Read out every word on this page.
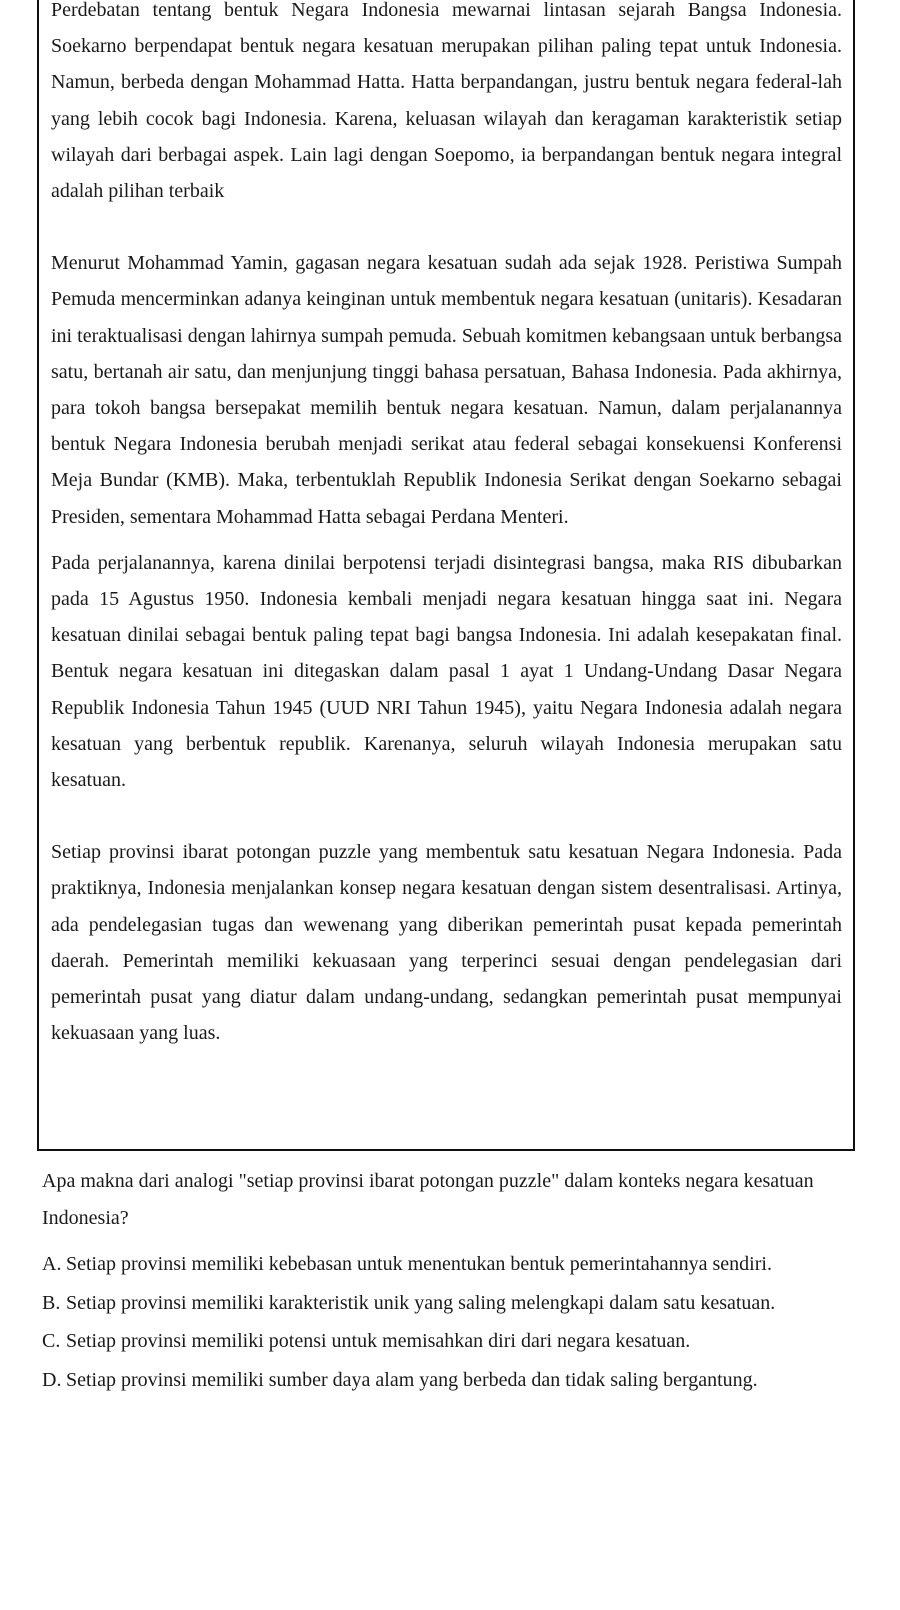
Perdebatan tentang bentuk Negara Indonesia mewarnai lintasan sejarah Bangsa Indonesia. Soekarno berpendapat bentuk negara kesatuan merupakan pilihan paling tepat untuk Indonesia. Namun, berbeda dengan Mohammad Hatta. Hatta berpandangan, justru bentuk negara federal-lah yang lebih cocok bagi Indonesia. Karena, keluasan wilayah dan keragaman karakteristik setiap wilayah dari berbagai aspek. Lain lagi dengan Soepomo, ia berpandangan bentuk negara integral adalah pilihan terbaik

Menurut Mohammad Yamin, gagasan negara kesatuan sudah ada sejak 1928. Peristiwa Sumpah Pemuda mencerminkan adanya keinginan untuk membentuk negara kesatuan (unitaris). Kesadaran ini teraktualisasi dengan lahirnya sumpah pemuda. Sebuah komitmen kebangsaan untuk berbangsa satu, bertanah air satu, dan menjunjung tinggi bahasa persatuan, Bahasa Indonesia. Pada akhirnya, para tokoh bangsa bersepakat memilih bentuk negara kesatuan. Namun, dalam perjalanannya bentuk Negara Indonesia berubah menjadi serikat atau federal sebagai konsekuensi Konferensi Meja Bundar (KMB). Maka, terbentuklah Republik Indonesia Serikat dengan Soekarno sebagai Presiden, sementara Mohammad Hatta sebagai Perdana Menteri.

Pada perjalanannya, karena dinilai berpotensi terjadi disintegrasi bangsa, maka RIS dibubarkan pada 15 Agustus 1950. Indonesia kembali menjadi negara kesatuan hingga saat ini. Negara kesatuan dinilai sebagai bentuk paling tepat bagi bangsa Indonesia. Ini adalah kesepakatan final. Bentuk negara kesatuan ini ditegaskan dalam pasal 1 ayat 1 Undang-Undang Dasar Negara Republik Indonesia Tahun 1945 (UUD NRI Tahun 1945), yaitu Negara Indonesia adalah negara kesatuan yang berbentuk republik. Karenanya, seluruh wilayah Indonesia merupakan satu kesatuan.

Setiap provinsi ibarat potongan puzzle yang membentuk satu kesatuan Negara Indonesia. Pada praktiknya, Indonesia menjalankan konsep negara kesatuan dengan sistem desentralisasi. Artinya, ada pendelegasian tugas dan wewenang yang diberikan pemerintah pusat kepada pemerintah daerah. Pemerintah memiliki kekuasaan yang terperinci sesuai dengan pendelegasian dari pemerintah pusat yang diatur dalam undang-undang, sedangkan pemerintah pusat mempunyai kekuasaan yang luas.

Apa makna dari analogi "setiap provinsi ibarat potongan puzzle" dalam konteks negara kesatuan Indonesia?

A. Setiap provinsi memiliki kebebasan untuk menentukan bentuk pemerintahannya sendiri.
B. Setiap provinsi memiliki karakteristik unik yang saling melengkapi dalam satu kesatuan.
C. Setiap provinsi memiliki potensi untuk memisahkan diri dari negara kesatuan.
D. Setiap provinsi memiliki sumber daya alam yang berbeda dan tidak saling bergantung.
